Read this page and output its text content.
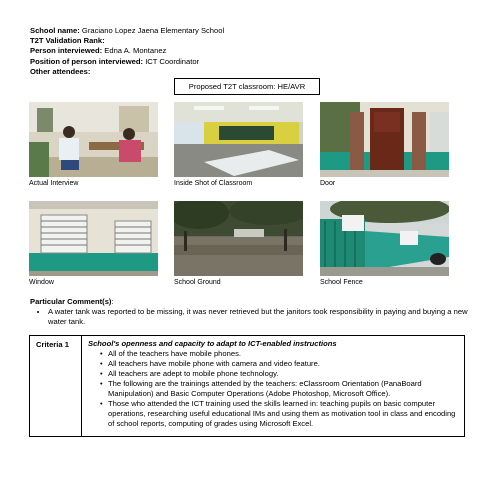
School name: Graciano Lopez Jaena Elementary School
T2T Validation Rank:
Person interviewed: Edna A. Montanez
Position of person interviewed: ICT Coordinator
Other attendees:
Proposed T2T classroom: HE/AVR
Actual Interview	Inside Shot of Classroom	Door
Window	School Ground	School Fence
Particular Comment(s):
• A water tank was reported to be missing, it was never retrieved but the janitors took responsibility in paying and buying a new water tank.
Criteria 1	School's openness and capacity to adapt to ICT-enabled instructions
• All of the teachers have mobile phones.
• All teachers have mobile phone with camera and video feature.
• All teachers are adept to mobile phone technology.
• The following are the trainings attended by the teachers: eClassroom Orientation (PanaBoard Manipulation) and Basic Computer Operations (Adobe Photoshop, Microsoft Office).
• Those who attended the ICT training used the skills learned in: teaching pupils on basic computer operations, researching useful educational IMs and using them as motivation tool in class and encoding of school reports, computing of grades using Microsoft Excel.
